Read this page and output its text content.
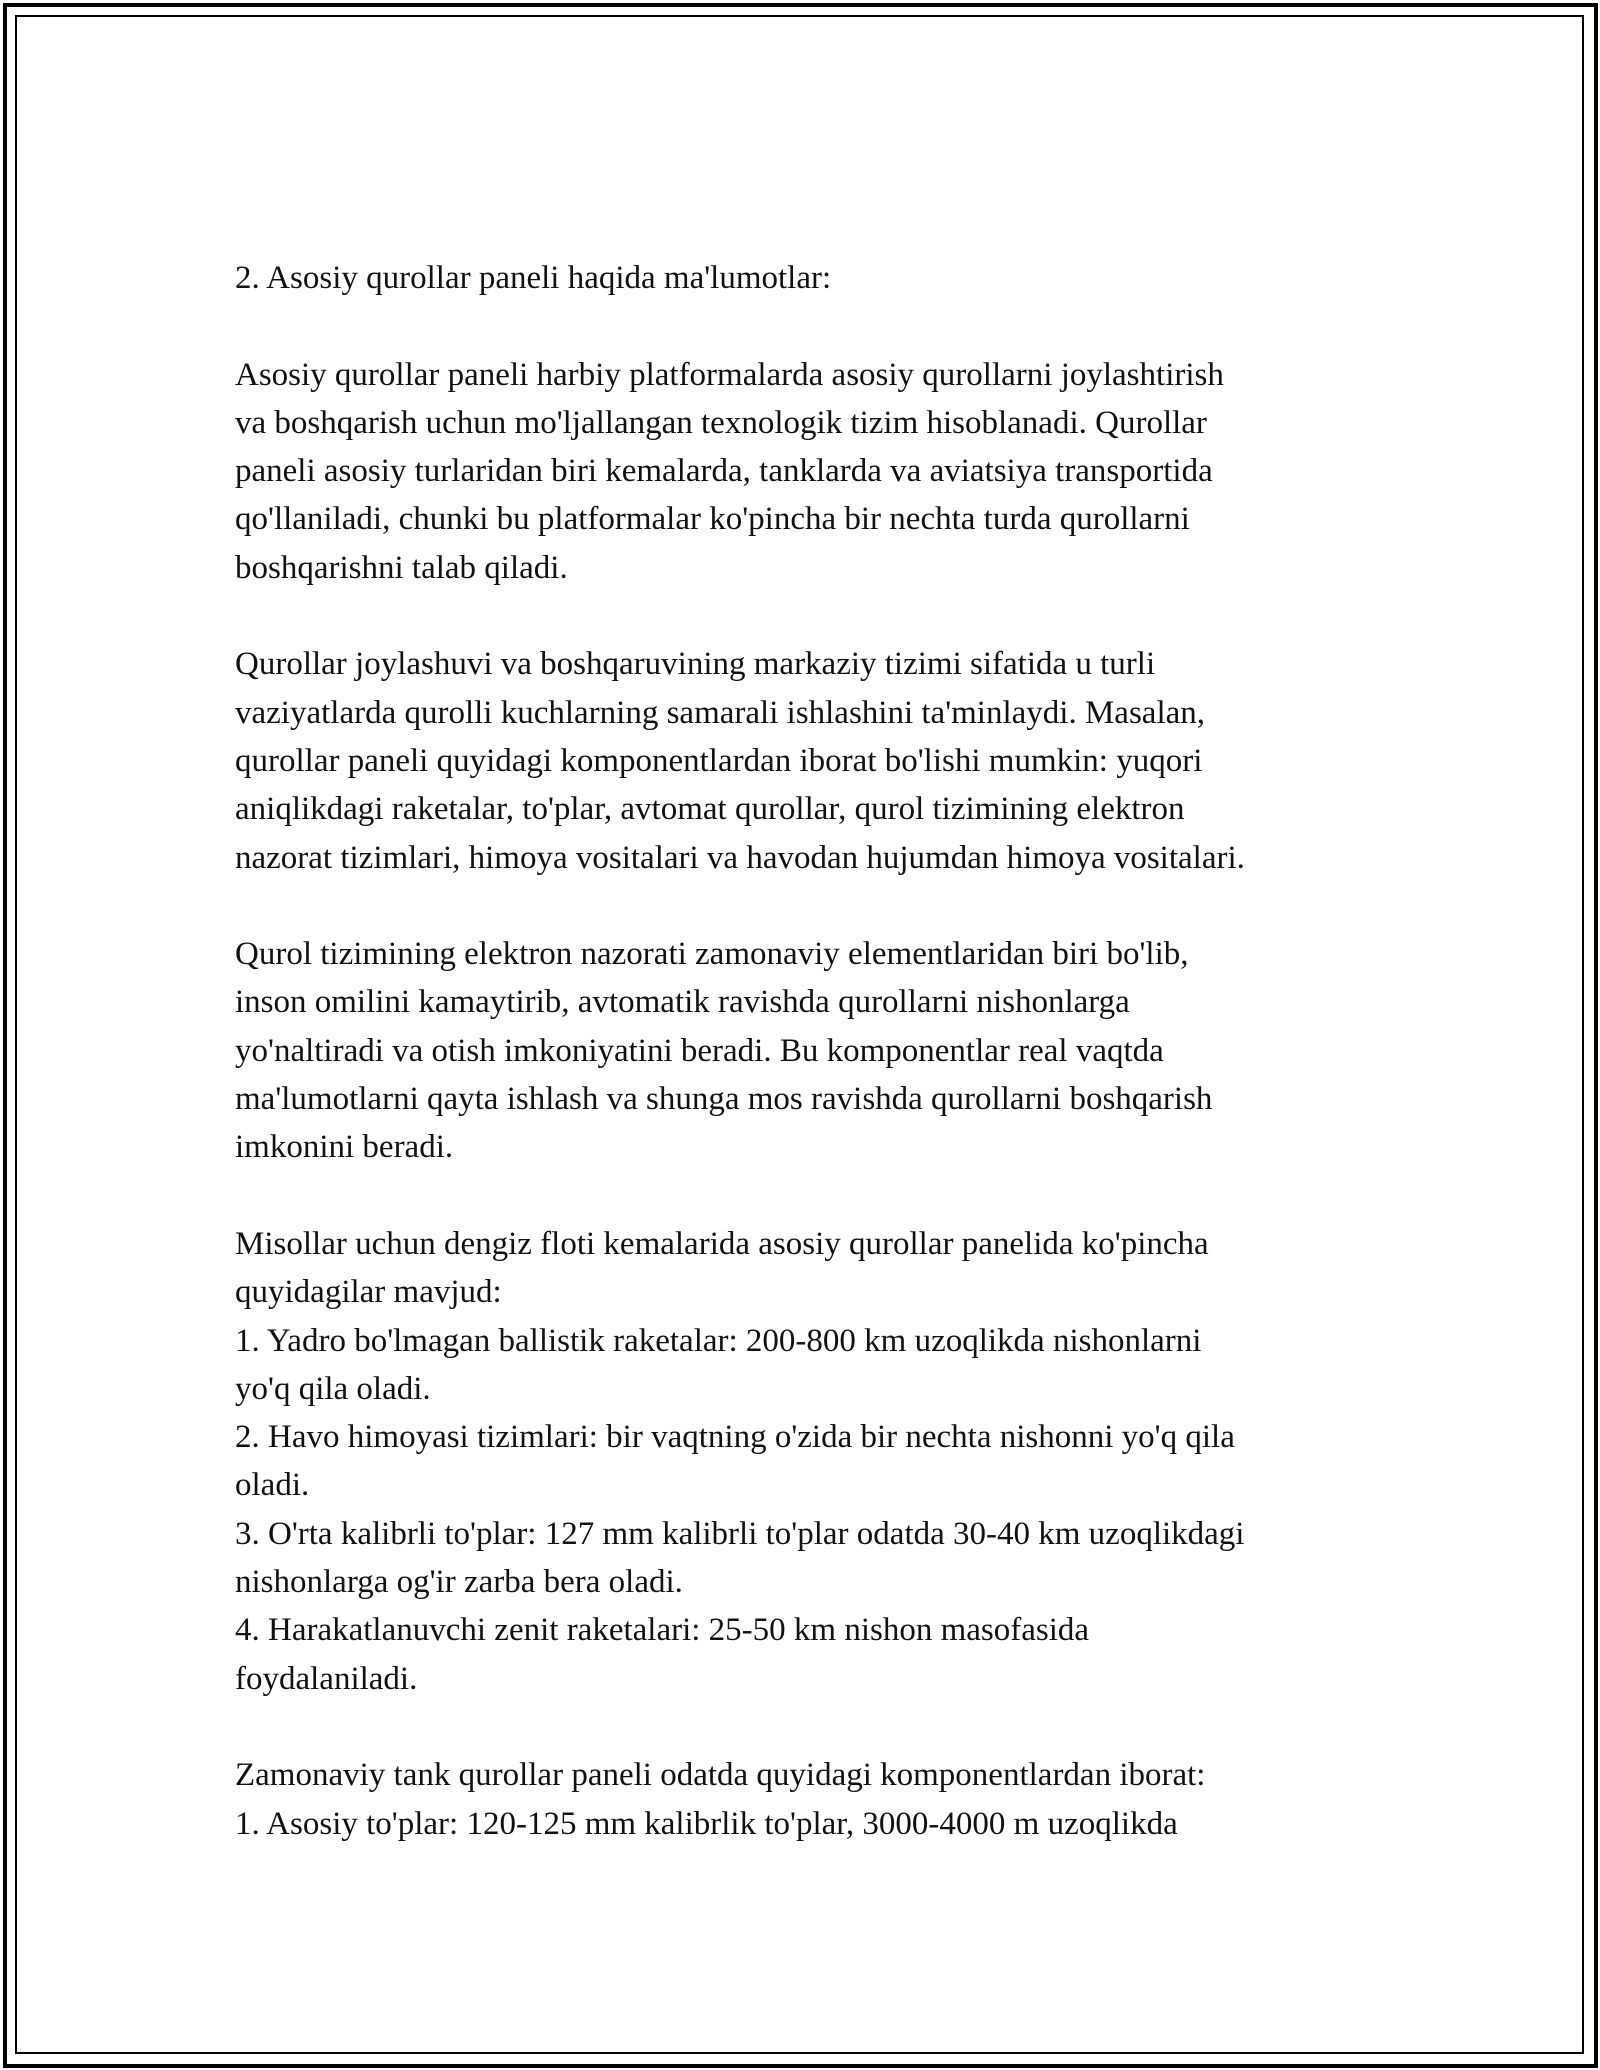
2. Asosiy qurollar paneli haqida ma'lumotlar:
Asosiy qurollar paneli harbiy platformalarda asosiy qurollarni joylashtirish
va boshqarish uchun mo'ljallangan texnologik tizim hisoblanadi. Qurollar
paneli asosiy turlaridan biri kemalarda, tanklarda va aviatsiya transportida
qo'llaniladi, chunki bu platformalar ko'pincha bir nechta turda qurollarni
boshqarishni talab qiladi.
Qurollar joylashuvi va boshqaruvining markaziy tizimi sifatida u turli
vaziyatlarda qurolli kuchlarning samarali ishlashini ta'minlaydi. Masalan,
qurollar paneli quyidagi komponentlardan iborat bo'lishi mumkin: yuqori
aniqlikdagi raketalar, to'plar, avtomat qurollar, qurol tizimining elektron
nazorat tizimlari, himoya vositalari va havodan hujumdan himoya vositalari.
Qurol tizimining elektron nazorati zamonaviy elementlaridan biri bo'lib,
inson omilini kamaytirib, avtomatik ravishda qurollarni nishonlarga
yo'naltiradi va otish imkoniyatini beradi. Bu komponentlar real vaqtda
ma'lumotlarni qayta ishlash va shunga mos ravishda qurollarni boshqarish
imkonini beradi.
Misollar uchun dengiz floti kemalarida asosiy qurollar panelida ko'pincha
quyidagilar mavjud:
1. Yadro bo'lmagan ballistik raketalar: 200-800 km uzoqlikda nishonlarni
yo'q qila oladi.
2. Havo himoyasi tizimlari: bir vaqtning o'zida bir nechta nishonni yo'q qila
oladi.
3. O'rta kalibrli to'plar: 127 mm kalibrli to'plar odatda 30-40 km uzoqlikdagi
nishonlarga og'ir zarba bera oladi.
4. Harakatlanuvchi zenit raketalari: 25-50 km nishon masofasida
foydalaniladi.
Zamonaviy tank qurollar paneli odatda quyidagi komponentlardan iborat:
1. Asosiy to'plar: 120-125 mm kalibrlik to'plar, 3000-4000 m uzoqlikda
